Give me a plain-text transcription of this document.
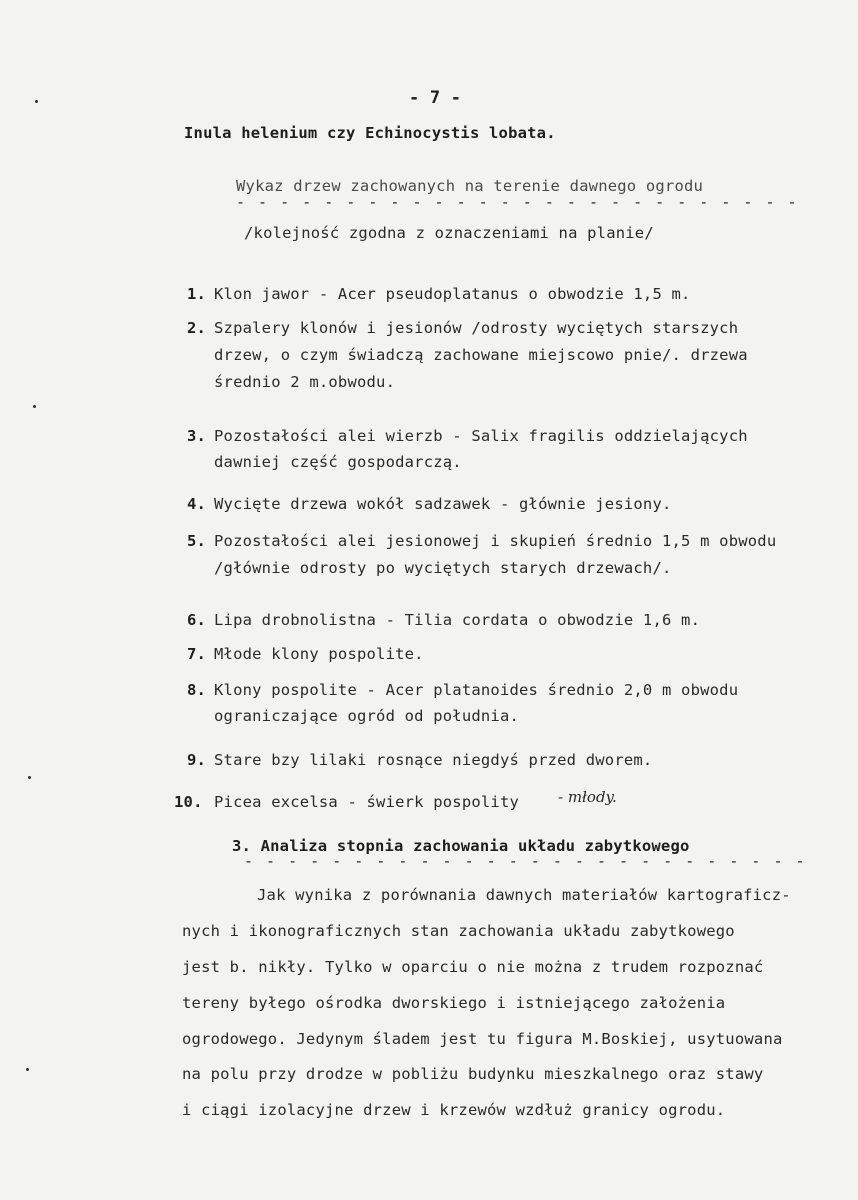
- 7 -
Inula helenium czy Echinocystis lobata.
Wykaz drzew zachowanych na terenie dawnego ogrodu
- - - - - - - - - - - - - - - - - - - - - - - - - -
/kolejność zgodna z oznaczeniami na planie/
1. Klon jawor - Acer pseudoplatanus o obwodzie 1,5 m.
2. Szpalery klonów i jesionów /odrosty wyciętych starszych
drzew, o czym świadczą zachowane miejscowo pnie/. drzewa
średnio 2 m.obwodu.
3. Pozostałości alei wierzb - Salix fragilis oddzielających
dawniej część gospodarczą.
4. Wycięte drzewa wokół sadzawek - głównie jesiony.
5. Pozostałości alei jesionowej i skupień średnio 1,5 m obwodu
/głównie odrosty po wyciętych starych drzewach/.
6. Lipa drobnolistna - Tilia cordata o obwodzie 1,6 m.
7. Młode klony pospolite.
8. Klony pospolite - Acer platanoides średnio 2,0 m obwodu
ograniczające ogród od południa.
9. Stare bzy lilaki rosnące niegdyś przed dworem.
10. Picea excelsa - świerk pospolity	- młody.
3. Analiza stopnia zachowania układu zabytkowego
- - - - - - - - - - - - - - - - - - - - - - - - - -
Jak wynika z porównania dawnych materiałów kartograficz-
nych i ikonograficznych stan zachowania układu zabytkowego
jest b. nikły. Tylko w oparciu o nie można z trudem rozpoznać
tereny byłego ośrodka dworskiego i istniejącego założenia
ogrodowego. Jedynym śladem jest tu figura M.Boskiej, usytuowana
na polu przy drodze w pobliżu budynku mieszkalnego oraz stawy
i ciągi izolacyjne drzew i krzewów wzdłuż granicy ogrodu.
